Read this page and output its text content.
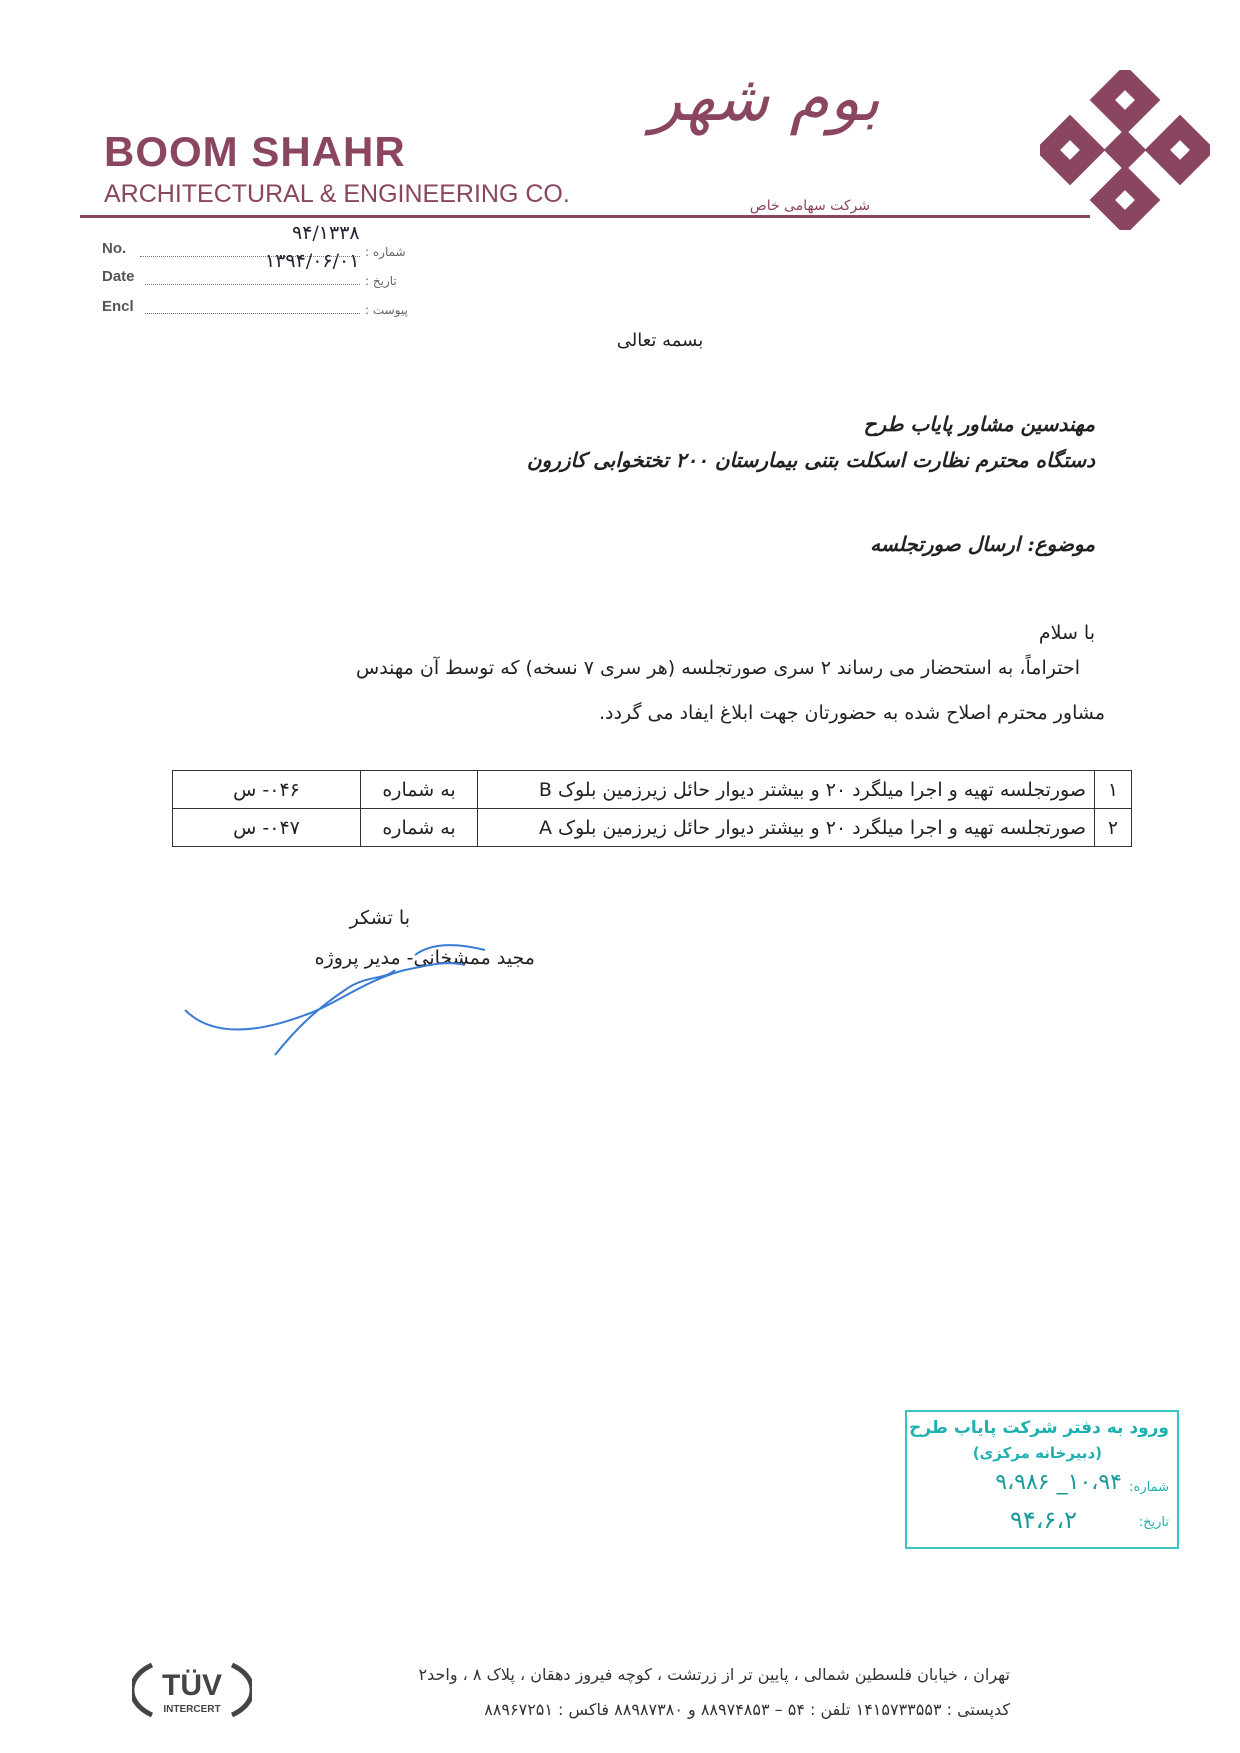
BOOM SHAHR
ARCHITECTURAL & ENGINEERING CO.
بوم شهر
شرکت سهامی خاص
No.	شماره :
۹۴/۱۳۳۸
Date	تاریخ :
۱۳۹۴/۰۶/۰۱
Encl	پیوست :
بسمه تعالی
مهندسین مشاور پایاب طرح
دستگاه محترم نظارت اسکلت بتنی بیمارستان ۲۰۰ تختخوابی کازرون
موضوع: ارسال صورتجلسه
با سلام
احتراماً، به استحضار می رساند ۲ سری صورتجلسه (هر سری ۷ نسخه) که توسط آن مهندس
مشاور محترم اصلاح شده به حضورتان جهت ابلاغ ایفاد می گردد.
۱	صورتجلسه تهیه و اجرا میلگرد ۲۰ و بیشتر دیوار حائل زیرزمین بلوک B	به شماره	۰۴۶- س
۲	صورتجلسه تهیه و اجرا میلگرد ۲۰ و بیشتر دیوار حائل زیرزمین بلوک A	به شماره	۰۴۷- س
با تشکر
مجید ممشخانی- مدیر پروژه
ورود به دفتر شرکت پایاب طرح
(دبیرخانه مرکزی)
شماره:
۱۰،۹۴_ ۹،۹۸۶
تاریخ:
۹۴،۶،۲
TÜV
INTERCERT
تهران ، خیابان فلسطین شمالی ، پایین تر از زرتشت ، کوچه فیروز دهقان ، پلاک ۸ ، واحد۲
کدپستی : ۱۴۱۵۷۳۳۵۵۳ تلفن : ۵۴ – ۸۸۹۷۴۸۵۳ و ۸۸۹۸۷۳۸۰ فاکس : ۸۸۹۶۷۲۵۱
